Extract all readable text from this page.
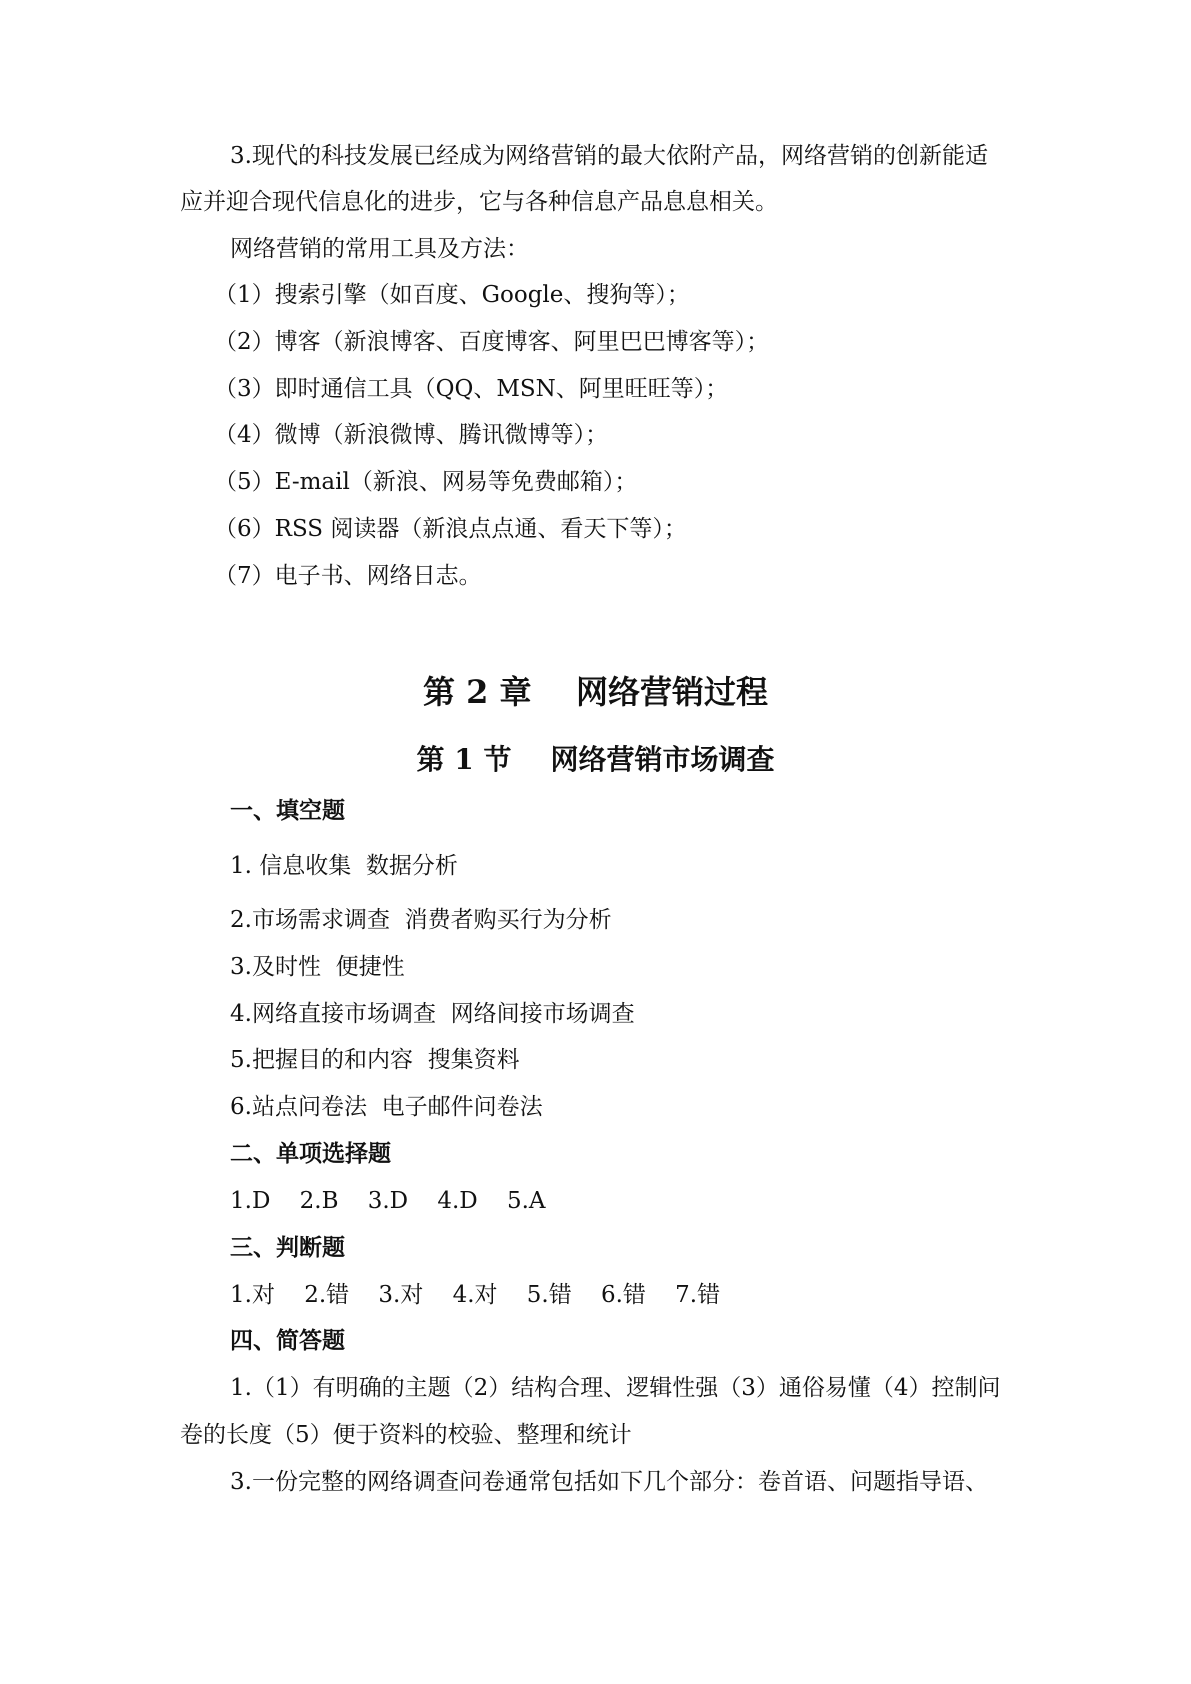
3.现代的科技发展已经成为网络营销的最大依附产品，网络营销的创新能适
应并迎合现代信息化的进步，它与各种信息产品息息相关。
网络营销的常用工具及方法：
（1）搜索引擎（如百度、Google、搜狗等）；
（2）博客（新浪博客、百度博客、阿里巴巴博客等）；
（3）即时通信工具（QQ、MSN、阿里旺旺等）；
（4）微博（新浪微博、腾讯微博等）；
（5）E-mail（新浪、网易等免费邮箱）；
（6）RSS 阅读器（新浪点点通、看天下等）；
（7）电子书、网络日志。
第 2 章    网络营销过程
第 1 节    网络营销市场调查
一、填空题
1. 信息收集  数据分析
2.市场需求调查  消费者购买行为分析
3.及时性  便捷性
4.网络直接市场调查  网络间接市场调查
5.把握目的和内容  搜集资料
6.站点问卷法  电子邮件问卷法
二、单项选择题
1.D    2.B    3.D    4.D    5.A
三、判断题
1.对    2.错    3.对    4.对    5.错    6.错    7.错
四、简答题
1.（1）有明确的主题（2）结构合理、逻辑性强（3）通俗易懂（4）控制问
卷的长度（5）便于资料的校验、整理和统计
3.一份完整的网络调查问卷通常包括如下几个部分：卷首语、问题指导语、
